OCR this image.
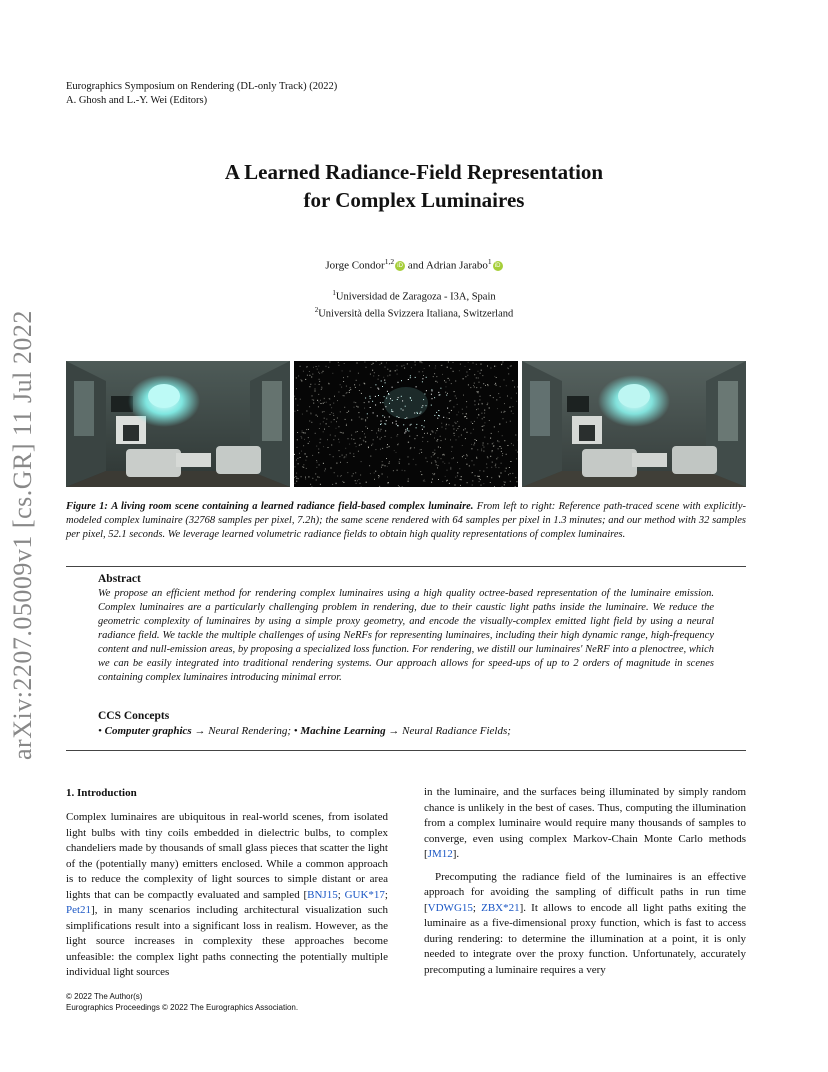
Eurographics Symposium on Rendering (DL-only Track) (2022)
A. Ghosh and L.-Y. Wei (Editors)
A Learned Radiance-Field Representation
for Complex Luminaires
Jorge Condor$^{1,2}$ iD and Adrian Jarabo$^1$ iD
$^1$Universidad de Zaragoza - I3A, Spain
$^2$Università della Svizzera Italiana, Switzerland
arXiv:2207.05009v1 [cs.GR] 11 Jul 2022	Figure 1: A living room scene containing a learned radiance field-based complex luminaire. From left to right: Reference path-traced scene with explicitly-modeled complex luminaire (32768 samples per pixel, 7.2h); the same scene rendered with 64 samples per pixel in 1.3 minutes; and our method with 32 samples per pixel, 52.1 seconds. We leverage learned volumetric radiance fields to obtain high quality representations of complex luminaires.
Abstract
We propose an efficient method for rendering complex luminaires using a high quality octree-based representation of the luminaire emission. Complex luminaires are a particularly challenging problem in rendering, due to their caustic light paths inside the luminaire. We reduce the geometric complexity of luminaires by using a simple proxy geometry, and encode the visually-complex emitted light field by using a neural radiance field. We tackle the multiple challenges of using NeRFs for representing luminaires, including their high dynamic range, high-frequency content and null-emission areas, by proposing a specialized loss function. For rendering, we distill our luminaires' NeRF into a plenoctree, which we can be easily integrated into traditional rendering systems. Our approach allows for speed-ups of up to 2 orders of magnitude in scenes containing complex luminaires introducing minimal error.
CCS Concepts
• Computer graphics → Neural Rendering; • Machine Learning → Neural Radiance Fields;
1. Introduction

Complex luminaires are ubiquitous in real-world scenes, from isolated light bulbs with tiny coils embedded in dielectric bulbs, to complex chandeliers made by thousands of small glass pieces that scatter the light of the (potentially many) emitters enclosed. While a common approach is to reduce the complexity of light sources to simple distant or area lights that can be compactly evaluated and sampled [BNJ15; GUK*17; Pet21], in many scenarios including architectural visualization such simplifications result into a significant loss in realism. However, as the light source increases in complexity these approaches become unfeasible: the complex light paths connecting the potentially multiple individual light sources

in the luminaire, and the surfaces being illuminated by simply random chance is unlikely in the best of cases. Thus, computing the illumination from a complex luminaire would require many thousands of samples to converge, even using complex Markov-Chain Monte Carlo methods [JM12].

Precomputing the radiance field of the luminaires is an effective approach for avoiding the sampling of difficult paths in run time [VDWG15; ZBX*21]. It allows to encode all light paths exiting the luminaire as a five-dimensional proxy function, which is fast to access during rendering: to determine the illumination at a point, it is only needed to integrate over the proxy function. Unfortunately, accurately precomputing a luminaire requires a very

© 2022 The Author(s)
Eurographics Proceedings © 2022 The Eurographics Association.
